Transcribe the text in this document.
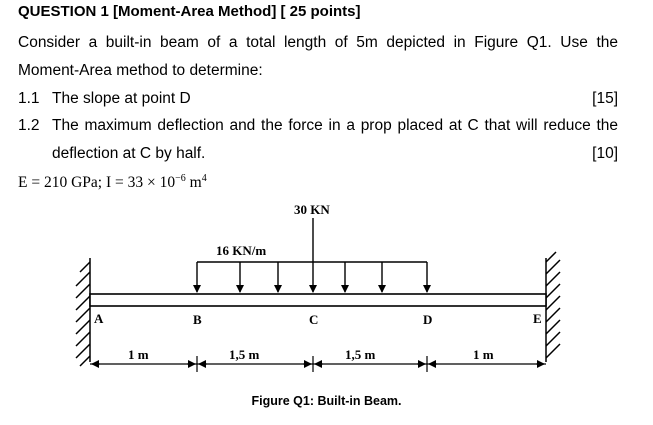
QUESTION 1 [Moment-Area Method] [ 25 points]
Consider a built-in beam of a total length of 5m depicted in Figure Q1. Use the
Moment-Area method to determine:
1.1 The slope at point D	[15]
1.2 The maximum deflection and the force in a prop placed at C that will reduce the
deflection at C by half.	[10]
E = 210 GPa; $I = 33 \times 10^{-6}$ $m^4$
16 KN/m
30 KN
A	B	C	D	E
1 m	1,5 m	1,5 m	1 m
Figure Q1: Built-in Beam.
